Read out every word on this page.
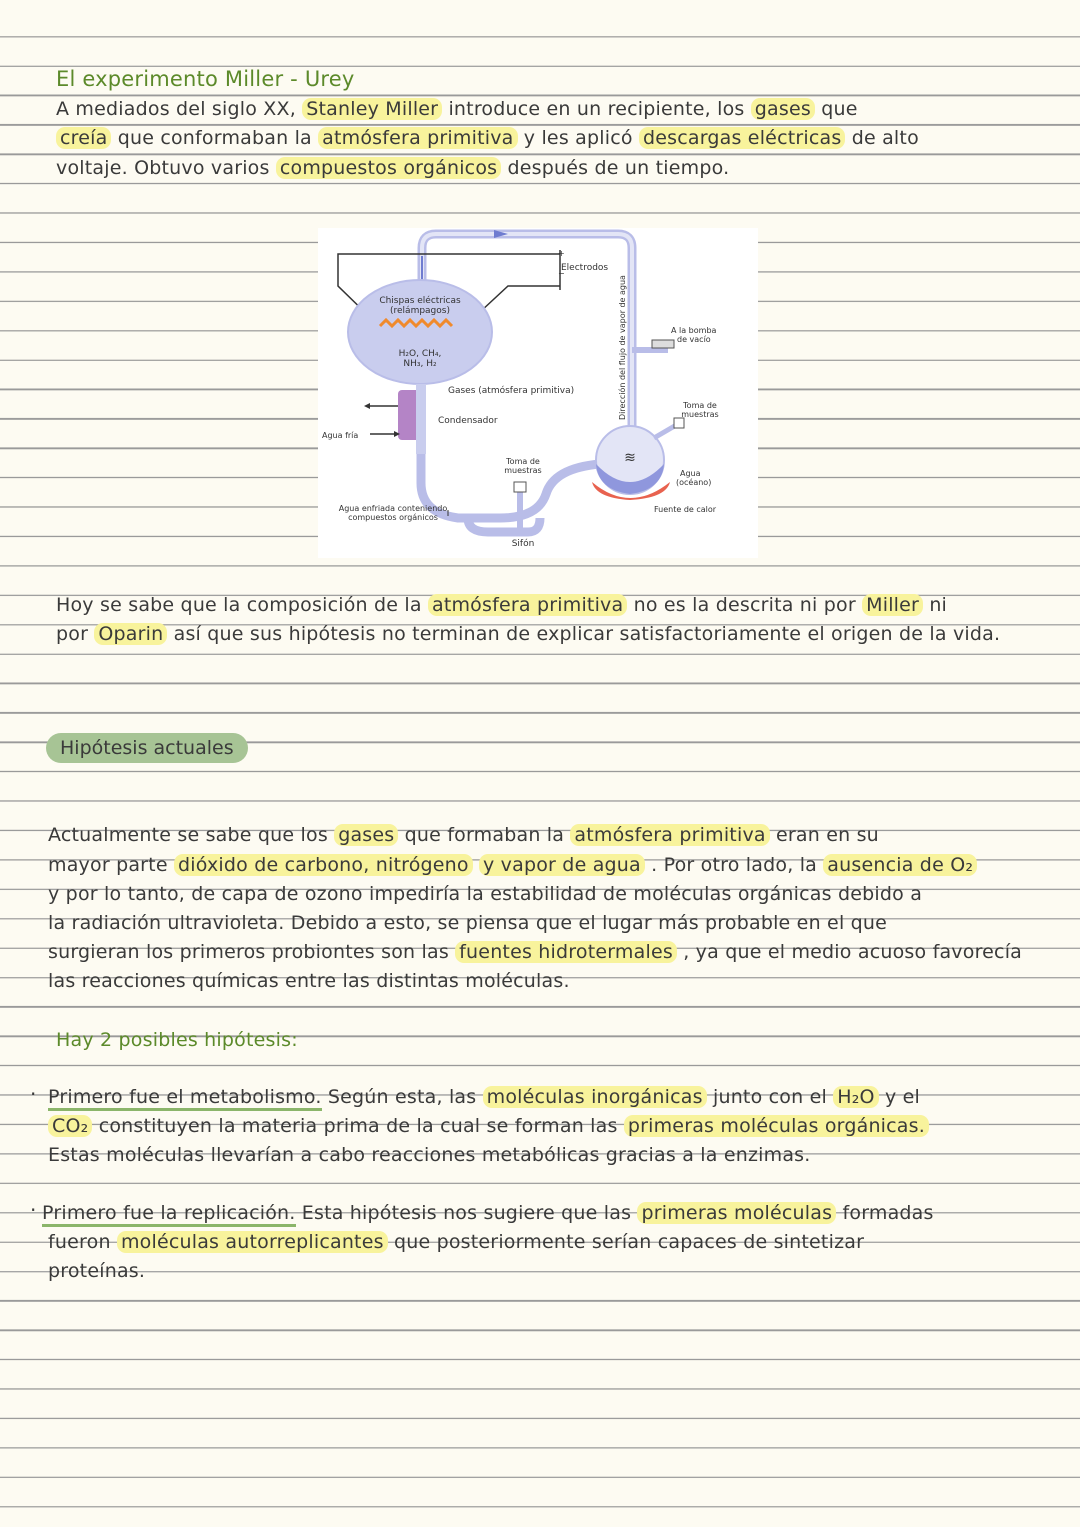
El experimento Miller - Urey
A mediados del siglo XX, Stanley Miller introduce en un recipiente, los gases que
creía que conformaban la atmósfera primitiva y les aplicó descargas eléctricas de alto
voltaje. Obtuvo varios compuestos orgánicos después de un tiempo.
+
−
Electrodos
Chispas eléctricas
(relámpagos)
H₂O, CH₄,
NH₃, H₂
Gases (atmósfera primitiva)
Agua fría
Condensador
Toma de
muestras
Sifón
Agua enfriada conteniendo
compuestos orgánicos
≋
Agua
(océano)
Fuente de calor
Dirección del flujo de vapor de agua	A la bomba
de vacío
Toma de
muestras
Hoy se sabe que la composición de la atmósfera primitiva no es la descrita ni por Miller ni
por Oparin así que sus hipótesis no terminan de explicar satisfactoriamente el origen de la vida.
Hipótesis actuales
Actualmente se sabe que los gases que formaban la atmósfera primitiva eran en su
mayor parte dióxido de carbono, nitrógeno y vapor de agua . Por otro lado, la ausencia de O₂
y por lo tanto, de capa de ozono impediría la estabilidad de moléculas orgánicas debido a
la radiación ultravioleta. Debido a esto, se piensa que el lugar más probable en el que
surgieran los primeros probiontes son las fuentes hidrotermales , ya que el medio acuoso favorecía
las reacciones químicas entre las distintas moléculas.
Hay 2 posibles hipótesis:
· Primero fue el metabolismo. Según esta, las moléculas inorgánicas junto con el H₂O y el
CO₂ constituyen la materia prima de la cual se forman las primeras moléculas orgánicas.
Estas moléculas llevarían a cabo reacciones metabólicas gracias a la enzimas.
· Primero fue la replicación. Esta hipótesis nos sugiere que las primeras moléculas formadas
fueron moléculas autorreplicantes que posteriormente serían capaces de sintetizar
proteínas.
